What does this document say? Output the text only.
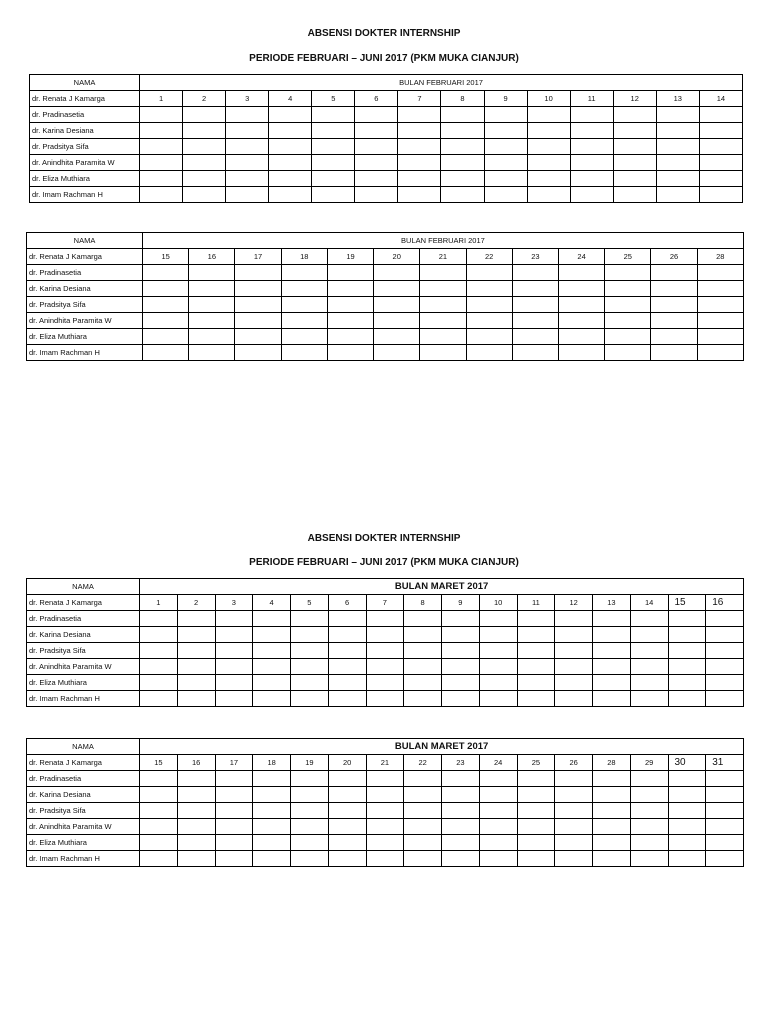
ABSENSI DOKTER INTERNSHIP
PERIODE FEBRUARI – JUNI 2017 (PKM MUKA CIANJUR)
ABSENSI DOKTER INTERNSHIP
PERIODE FEBRUARI – JUNI 2017 (PKM MUKA CIANJUR)
NAMA	BULAN FEBRUARI 2017													
dr. Renata J Kamarga	1	2	3	4	5	6	7	8	9	10	11	12	13	14
dr. Pradinasetia														
dr. Karina Desiana														
dr. Pradsitya Sifa														
dr. Anindhita Paramita W														
dr. Eliza Muthiara														
dr. Imam Rachman H														
NAMA	BULAN FEBRUARI 2017												
dr. Renata J Kamarga	15	16	17	18	19	20	21	22	23	24	25	26	28
dr. Pradinasetia													
dr. Karina Desiana													
dr. Pradsitya Sifa													
dr. Anindhita Paramita W													
dr. Eliza Muthiara													
dr. Imam Rachman H													
NAMA	BULAN MARET 2017															
dr. Renata J Kamarga	1	2	3	4	5	6	7	8	9	10	11	12	13	14	15	16
dr. Pradinasetia																
dr. Karina Desiana																
dr. Pradsitya Sifa																
dr. Anindhita Paramita W																
dr. Eliza Muthiara																
dr. Imam Rachman H																
NAMA	BULAN MARET 2017															
dr. Renata J Kamarga	15	16	17	18	19	20	21	22	23	24	25	26	28	29	30	31
dr. Pradinasetia																
dr. Karina Desiana																
dr. Pradsitya Sifa																
dr. Anindhita Paramita W																
dr. Eliza Muthiara																
dr. Imam Rachman H																
